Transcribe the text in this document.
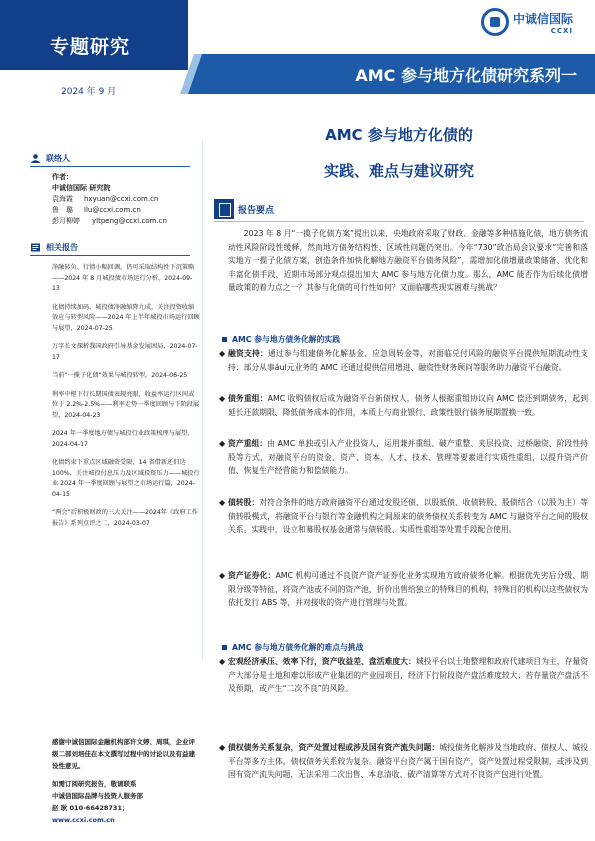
专题研究
2024 年 9 月
AMC 参与地方化债研究系列一
中诚信国际
CCXI
联络人
作者：
中诚信国际 研究院
袁海霞	hxyuan@ccxi.com.cn
鲁　璐	llu@ccxi.com.cn
彭月柳婷	yltpeng@ccxi.com.cn
相关报告
净融转负、行情小幅回调，仍可采取结构性下沉策略——2024 年 8 月城投债市场运行分析，2024-09-13
化债持续加码、城投债净融缩降九成，关注投资收缩效应与转型风险——2024 年上半年城投市场运行回顾与展望，2024-07-25
万字长文探析我国政府引导基金发展困局，2024-07-17
当前“一揽子化债”效果与城投转型，2024-06-25
利率中枢下行长期国债表现亮眼，收益率运行区间或位于 2.2%-2.5%——利率走势一季度回顾与下阶段展望，2024-04-23
2024 年一季度地方债与城投行业政策梳理与展望，2024-04-17
化债约束下重点区域融资受限，14 省借新还旧达 100%，关注城投付息压力及区域投资压力——城投行业 2024 年一季度回顾与展望之市场运行篇，2024-04-15
“两会”后积极财政的三大关注——2024年《政府工作报告》系列点评之二，2024-03-07
感谢中诚信国际金融机构部许文婷、周琪，企业评级二部刘培佳在本文撰写过程中的讨论以及有益建设性意见。
如需订阅研究报告，敬请联系
中诚信国际品牌与投资人服务部
赵 耿 010-66428731；
www.ccxi.com.cn
AMC 参与地方化债的
实践、难点与建议研究
报告要点
2023 年 8 月“一揽子化债方案”提出以来，央地政府采取了财政、金融等多种措施化债，地方债务流动性风险阶段性缓释，然而地方债务结构性、区域性问题仍突出。今年“730”政治局会议要求“完善和落实地方一揽子化债方案，创造条件加快化解地方融资平台债务风险”，需增加化债增量政策储备、优化和丰富化债手段，近期市场部分观点提出加大 AMC 参与地方化债力度。那么，AMC 能否作为后续化债增量政策的着力点之一？其参与化债的可行性如何？又面临哪些现实困难与挑战？
AMC 参与地方债务化解的实践
◆ 融资支持：通过参与组建债务化解基金、应急周转金等，对面临兑付风险的融资平台提供短期流动性支持；部分从事ául元业务的 AMC 还通过提供信用增进、融资性财务顾问等服务助力融资平台融资。
◆ 债务重组：AMC 收购债权后成为融资平台新债权人，债务人根据重组协议向 AMC 偿还到期债务，起到延长还款期限、降低债务成本的作用，本质上与商业银行、政策性银行债务展期置换一致。
◆ 资产重组：由 AMC 单独或引入产业投资人，运用兼并重组、破产重整、夹层投资、过桥融资、阶段性持股等方式，对融资平台的资金、资产、资本、人才、技术、管理等要素进行实质性重组，以提升资产价值、恢复生产经营能力和偿债能力。
◆ 债转股：对符合条件的地方政府融资平台通过发股还债、以股抵债、收债转股、股债结合（以股为主）等债转股模式，将融资平台与银行等金融机构之间原来的债务债权关系转变为 AMC 与融资平台之间的股权关系。实践中，设立和募股权基金通常与债转股、实质性重组等处置手段配合使用。
◆ 资产证券化：AMC 机构可通过不良资产资产证券化业务实现地方政府债务化解。根据优先劣后分级、期限分级等特征，将资产池或不同的资产池，折价出售给独立的特殊目的机构，特殊目的机构以这些债权为依托发行 ABS 等，并对接收的资产进行管理与处置。
AMC 参与地方债务化解的难点与挑战
◆ 宏观经济承压、效率下行，资产收益差、盘活难度大：城投平台以土地整理和政府代建项目为主，存量资产大部分是土地和难以形成产业集团的产业园项目，经济下行阶段资产盘活难度较大；若存量资产盘活不及预期，或产生“二次不良”的风险。
◆ 债权债务关系复杂，资产处置过程或涉及国有资产流失问题：城投债务化解涉及当地政府、债权人、城投平台等多方主体，债权债务关系较为复杂。融资平台资产属于国有资产，资产处置过程受限制，或涉及到国有资产流失问题，无法采用二次出售、本息清收、破产清算等方式对不良资产包进行处置。
